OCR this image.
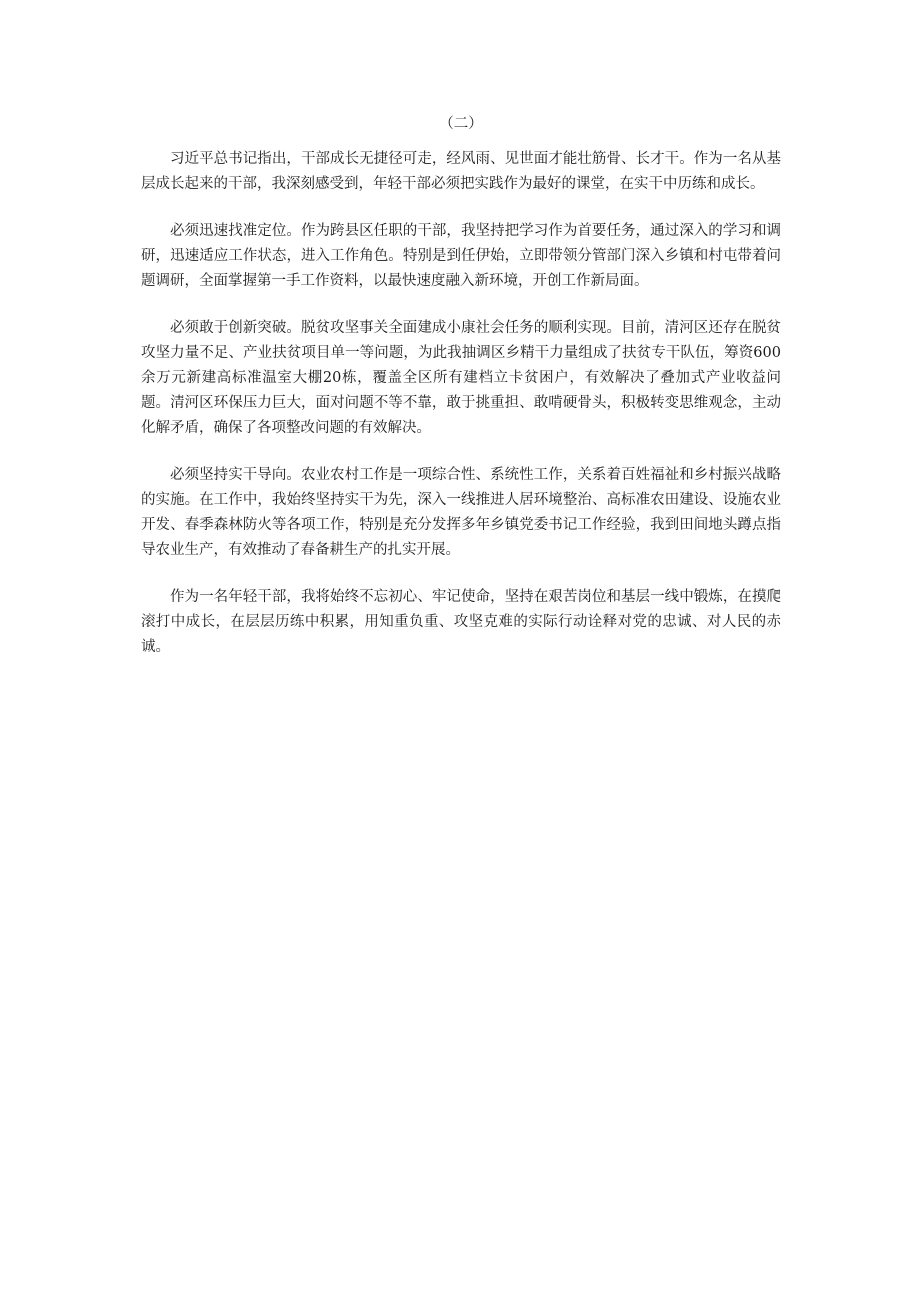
（二）

习近平总书记指出，干部成长无捷径可走，经风雨、见世面才能壮筋骨、长才干。作为一名从基层成长起来的干部，我深刻感受到，年轻干部必须把实践作为最好的课堂，在实干中历练和成长。

必须迅速找准定位。作为跨县区任职的干部，我坚持把学习作为首要任务，通过深入的学习和调研，迅速适应工作状态，进入工作角色。特别是到任伊始，立即带领分管部门深入乡镇和村屯带着问题调研，全面掌握第一手工作资料，以最快速度融入新环境，开创工作新局面。

必须敢于创新突破。脱贫攻坚事关全面建成小康社会任务的顺利实现。目前，清河区还存在脱贫攻坚力量不足、产业扶贫项目单一等问题，为此我抽调区乡精干力量组成了扶贫专干队伍，筹资600余万元新建高标准温室大棚20栋，覆盖全区所有建档立卡贫困户，有效解决了叠加式产业收益问题。清河区环保压力巨大，面对问题不等不靠，敢于挑重担、敢啃硬骨头，积极转变思维观念，主动化解矛盾，确保了各项整改问题的有效解决。

必须坚持实干导向。农业农村工作是一项综合性、系统性工作，关系着百姓福祉和乡村振兴战略的实施。在工作中，我始终坚持实干为先，深入一线推进人居环境整治、高标准农田建设、设施农业开发、春季森林防火等各项工作，特别是充分发挥多年乡镇党委书记工作经验，我到田间地头蹲点指导农业生产，有效推动了春备耕生产的扎实开展。

作为一名年轻干部，我将始终不忘初心、牢记使命，坚持在艰苦岗位和基层一线中锻炼，在摸爬滚打中成长，在层层历练中积累，用知重负重、攻坚克难的实际行动诠释对党的忠诚、对人民的赤诚。
